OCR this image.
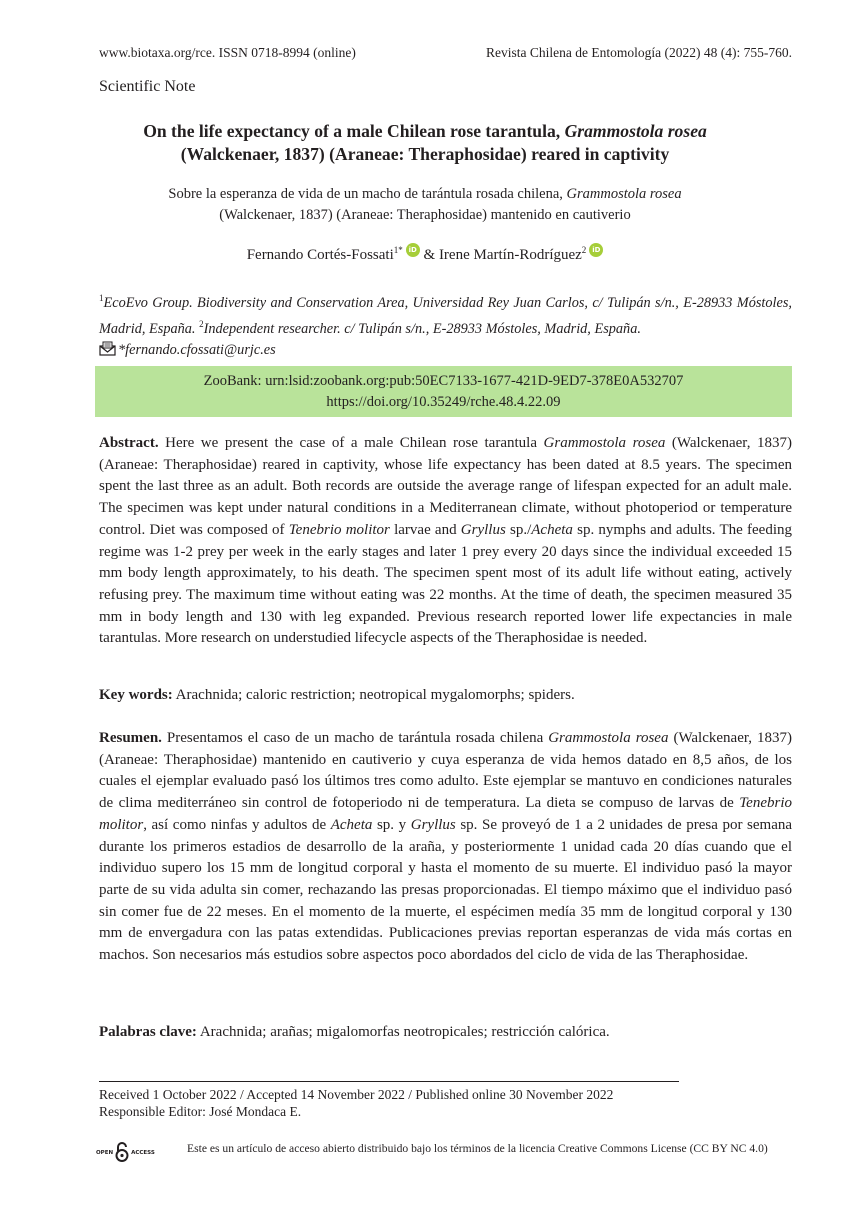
www.biotaxa.org/rce. ISSN 0718-8994 (online)	Revista Chilena de Entomología (2022) 48 (4): 755-760.
Scientific Note
On the life expectancy of a male Chilean rose tarantula, Grammostola rosea
(Walckenaer, 1837) (Araneae: Theraphosidae) reared in captivity
Sobre la esperanza de vida de un macho de tarántula rosada chilena, Grammostola rosea
(Walckenaer, 1837) (Araneae: Theraphosidae) mantenido en cautiverio
Fernando Cortés-Fossati$^{1*}$ iD & Irene Martín-Rodríguez$^2$ iD
$^1$EcoEvo Group. Biodiversity and Conservation Area, Universidad Rey Juan Carlos, c/ Tulipán s/n., E-28933 Móstoles, Madrid, España. $^2$Independent researcher. c/ Tulipán s/n., E-28933 Móstoles, Madrid, España.
*fernando.cfossati@urjc.es
ZooBank: urn:lsid:zoobank.org:pub:50EC7133-1677-421D-9ED7-378E0A532707
https://doi.org/10.35249/rche.48.4.22.09
Abstract. Here we present the case of a male Chilean rose tarantula Grammostola rosea (Walckenaer, 1837) (Araneae: Theraphosidae) reared in captivity, whose life expectancy has been dated at 8.5 years. The specimen spent the last three as an adult. Both records are outside the average range of lifespan expected for an adult male. The specimen was kept under natural conditions in a Mediterranean climate, without photoperiod or temperature control. Diet was composed of Tenebrio molitor larvae and Gryllus sp./Acheta sp. nymphs and adults. The feeding regime was 1-2 prey per week in the early stages and later 1 prey every 20 days since the individual exceeded 15 mm body length approximately, to his death. The specimen spent most of its adult life without eating, actively refusing prey. The maximum time without eating was 22 months. At the time of death, the specimen measured 35 mm in body length and 130 with leg expanded. Previous research reported lower life expectancies in male tarantulas. More research on understudied lifecycle aspects of the Theraphosidae is needed.
Key words: Arachnida; caloric restriction; neotropical mygalomorphs; spiders.
Resumen. Presentamos el caso de un macho de tarántula rosada chilena Grammostola rosea (Walckenaer, 1837) (Araneae: Theraphosidae) mantenido en cautiverio y cuya esperanza de vida hemos datado en 8,5 años, de los cuales el ejemplar evaluado pasó los últimos tres como adulto. Este ejemplar se mantuvo en condiciones naturales de clima mediterráneo sin control de fotoperiodo ni de temperatura. La dieta se compuso de larvas de Tenebrio molitor, así como ninfas y adultos de Acheta sp. y Gryllus sp. Se proveyó de 1 a 2 unidades de presa por semana durante los primeros estadios de desarrollo de la araña, y posteriormente 1 unidad cada 20 días cuando que el individuo supero los 15 mm de longitud corporal y hasta el momento de su muerte. El individuo pasó la mayor parte de su vida adulta sin comer, rechazando las presas proporcionadas. El tiempo máximo que el individuo pasó sin comer fue de 22 meses. En el momento de la muerte, el espécimen medía 35 mm de longitud corporal y 130 mm de envergadura con las patas extendidas. Publicaciones previas reportan esperanzas de vida más cortas en machos. Son necesarios más estudios sobre aspectos poco abordados del ciclo de vida de las Theraphosidae.
Palabras clave: Arachnida; arañas; migalomorfas neotropicales; restricción calórica.
Received 1 October 2022 / Accepted 14 November 2022 / Published online 30 November 2022
Responsible Editor: José Mondaca E.
OPEN	ACCESS	Este es un artículo de acceso abierto distribuido bajo los términos de la licencia Creative Commons License (CC BY NC 4.0)
